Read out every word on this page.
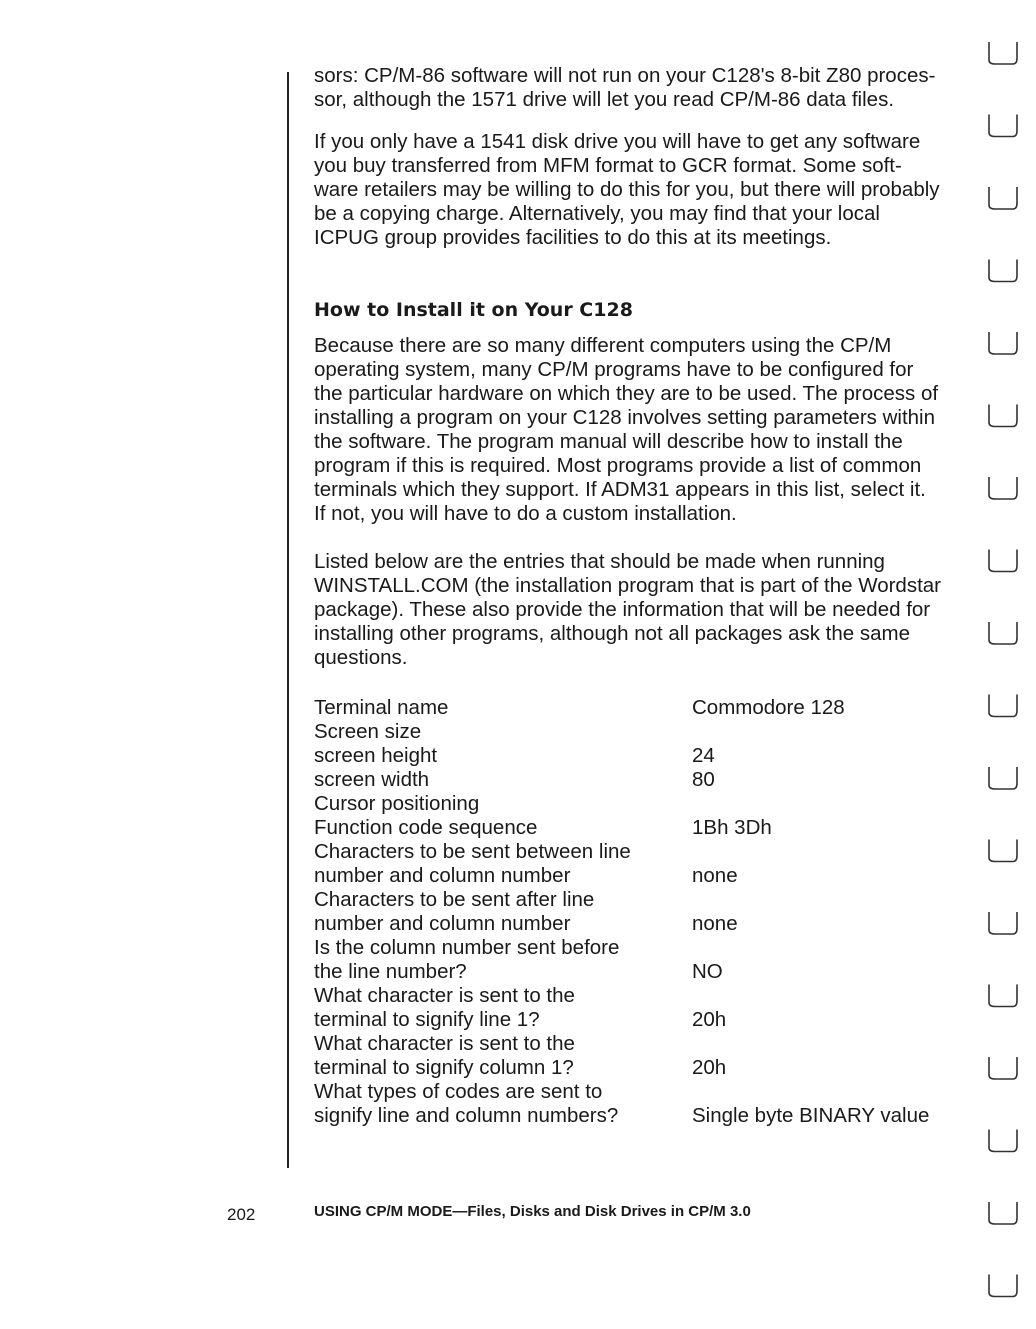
sors: CP/M-86 software will not run on your C128's 8-bit Z80 proces-
sor, although the 1571 drive will let you read CP/M-86 data files.

If you only have a 1541 disk drive you will have to get any software
you buy transferred from MFM format to GCR format. Some soft-
ware retailers may be willing to do this for you, but there will probably
be a copying charge. Alternatively, you may find that your local
ICPUG group provides facilities to do this at its meetings.

How to Install it on Your C128

Because there are so many different computers using the CP/M
operating system, many CP/M programs have to be configured for
the particular hardware on which they are to be used. The process of
installing a program on your C128 involves setting parameters within
the software. The program manual will describe how to install the
program if this is required. Most programs provide a list of common
terminals which they support. If ADM31 appears in this list, select it.
If not, you will have to do a custom installation.

Listed below are the entries that should be made when running
WINSTALL.COM (the installation program that is part of the Wordstar
package). These also provide the information that will be needed for
installing other programs, although not all packages ask the same
questions.

Terminal name	Commodore 128
Screen size	
screen height	24
screen width	80
Cursor positioning	
Function code sequence	1Bh 3Dh
Characters to be sent between line
number and column number	none
Characters to be sent after line
number and column number	none
Is the column number sent before
the line number?	NO
What character is sent to the
terminal to signify line 1?	20h
What character is sent to the
terminal to signify column 1?	20h
What types of codes are sent to
signify line and column numbers?	Single byte BINARY value
202	USING CP/M MODE—Files, Disks and Disk Drives in CP/M 3.0
